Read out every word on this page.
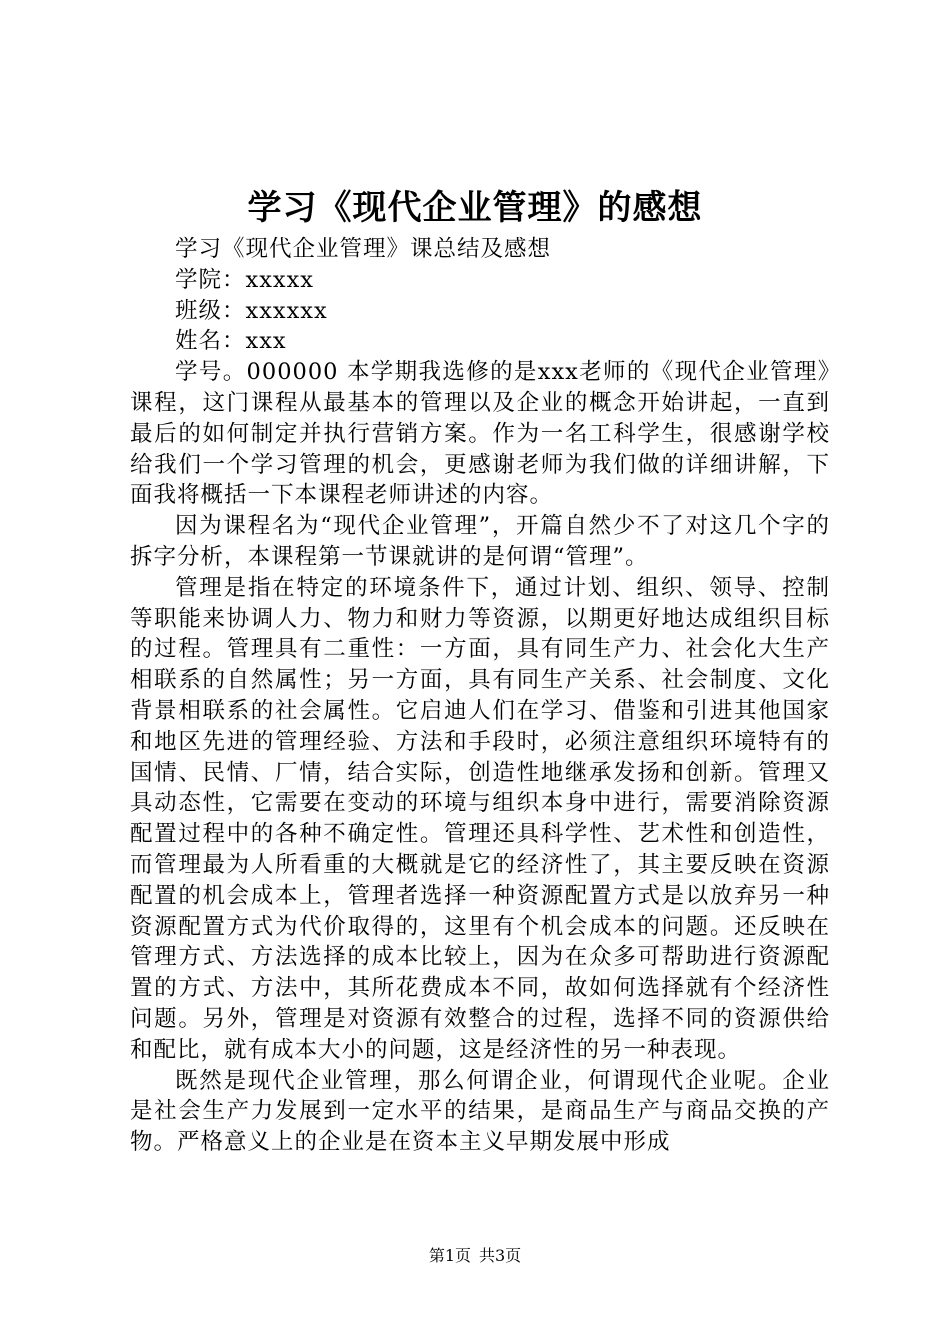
学习《现代企业管理》的感想

学习《现代企业管理》课总结及感想

学院：xxxxx

班级：xxxxxx

姓名：xxx

学号。000000 本学期我选修的是xxx老师的《现代企业管理》课程，这门课程从最基本的管理以及企业的概念开始讲起，一直到最后的如何制定并执行营销方案。作为一名工科学生，很感谢学校给我们一个学习管理的机会，更感谢老师为我们做的详细讲解，下面我将概括一下本课程老师讲述的内容。

因为课程名为“现代企业管理”，开篇自然少不了对这几个字的拆字分析，本课程第一节课就讲的是何谓“管理”。

管理是指在特定的环境条件下，通过计划、组织、领导、控制等职能来协调人力、物力和财力等资源，以期更好地达成组织目标的过程。管理具有二重性：一方面，具有同生产力、社会化大生产相联系的自然属性；另一方面，具有同生产关系、社会制度、文化背景相联系的社会属性。它启迪人们在学习、借鉴和引进其他国家和地区先进的管理经验、方法和手段时，必须注意组织环境特有的国情、民情、厂情，结合实际，创造性地继承发扬和创新。管理又具动态性，它需要在变动的环境与组织本身中进行，需要消除资源配置过程中的各种不确定性。管理还具科学性、艺术性和创造性，而管理最为人所看重的大概就是它的经济性了，其主要反映在资源配置的机会成本上，管理者选择一种资源配置方式是以放弃另一种资源配置方式为代价取得的，这里有个机会成本的问题。还反映在管理方式、方法选择的成本比较上，因为在众多可帮助进行资源配置的方式、方法中，其所花费成本不同，故如何选择就有个经济性问题。另外，管理是对资源有效整合的过程，选择不同的资源供给和配比，就有成本大小的问题，这是经济性的另一种表现。

既然是现代企业管理，那么何谓企业，何谓现代企业呢。企业是社会生产力发展到一定水平的结果，是商品生产与商品交换的产物。严格意义上的企业是在资本主义早期发展中形成

第1页 共3页
